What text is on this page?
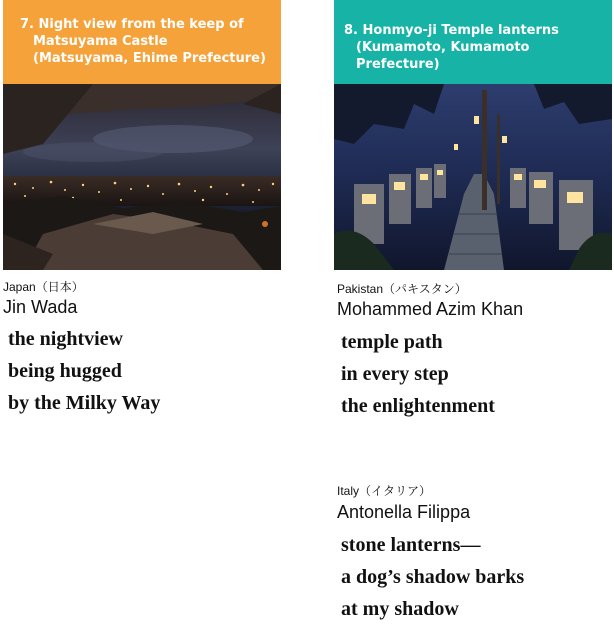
7. Night view from the keep of
Matsuyama Castle
(Matsuyama, Ehime Prefecture)
Japan（日本）
Jin Wada
the nightview
being hugged
by the Milky Way
8. Honmyo-ji Temple lanterns
(Kumamoto, Kumamoto Prefecture)
Pakistan（パキスタン）
Mohammed Azim Khan
temple path
in every step
the enlightenment
Italy（イタリア）
Antonella Filippa
stone lanterns—
a dog’s shadow barks
at my shadow
